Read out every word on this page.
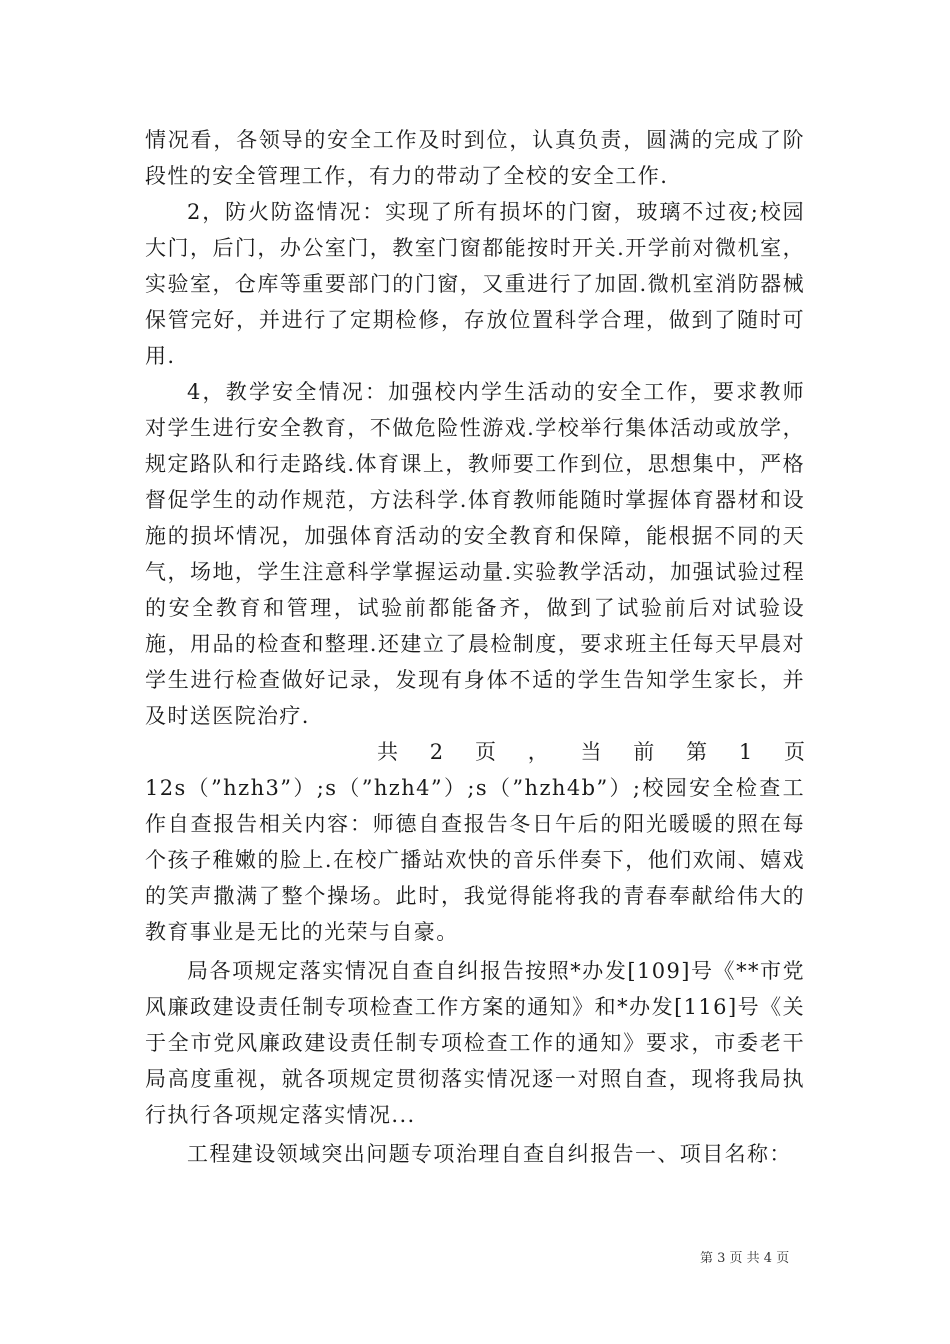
情况看，各领导的安全工作及时到位，认真负责，圆满的完成了阶段性的安全管理工作，有力的带动了全校的安全工作.

2，防火防盗情况：实现了所有损坏的门窗，玻璃不过夜;校园大门，后门，办公室门，教室门窗都能按时开关.开学前对微机室，实验室，仓库等重要部门的门窗，又重进行了加固.微机室消防器械保管完好，并进行了定期检修，存放位置科学合理，做到了随时可用.

4，教学安全情况：加强校内学生活动的安全工作，要求教师对学生进行安全教育，不做危险性游戏.学校举行集体活动或放学，规定路队和行走路线.体育课上，教师要工作到位，思想集中，严格督促学生的动作规范，方法科学.体育教师能随时掌握体育器材和设施的损坏情况，加强体育活动的安全教育和保障，能根据不同的天气，场地，学生注意科学掌握运动量.实验教学活动，加强试验过程的安全教育和管理，试验前都能备齐，做到了试验前后对试验设施，用品的检查和整理.还建立了晨检制度，要求班主任每天早晨对学生进行检查做好记录，发现有身体不适的学生告知学生家长，并及时送医院治疗.

共 2 页 ， 当 前 第 1 页

12s（”hzh3”）;s（”hzh4”）;s（”hzh4b”）;校园安全检查工作自查报告相关内容：师德自查报告冬日午后的阳光暖暖的照在每个孩子稚嫩的脸上.在校广播站欢快的音乐伴奏下，他们欢闹、嬉戏的笑声撒满了整个操场。此时，我觉得能将我的青春奉献给伟大的教育事业是无比的光荣与自豪。

局各项规定落实情况自查自纠报告按照*办发[109]号《**市党风廉政建设责任制专项检查工作方案的通知》和*办发[116]号《关于全市党风廉政建设责任制专项检查工作的通知》要求，市委老干局高度重视，就各项规定贯彻落实情况逐一对照自查，现将我局执行执行各项规定落实情况...

工程建设领域突出问题专项治理自查自纠报告一、项目名称：

第 3 页 共 4 页
